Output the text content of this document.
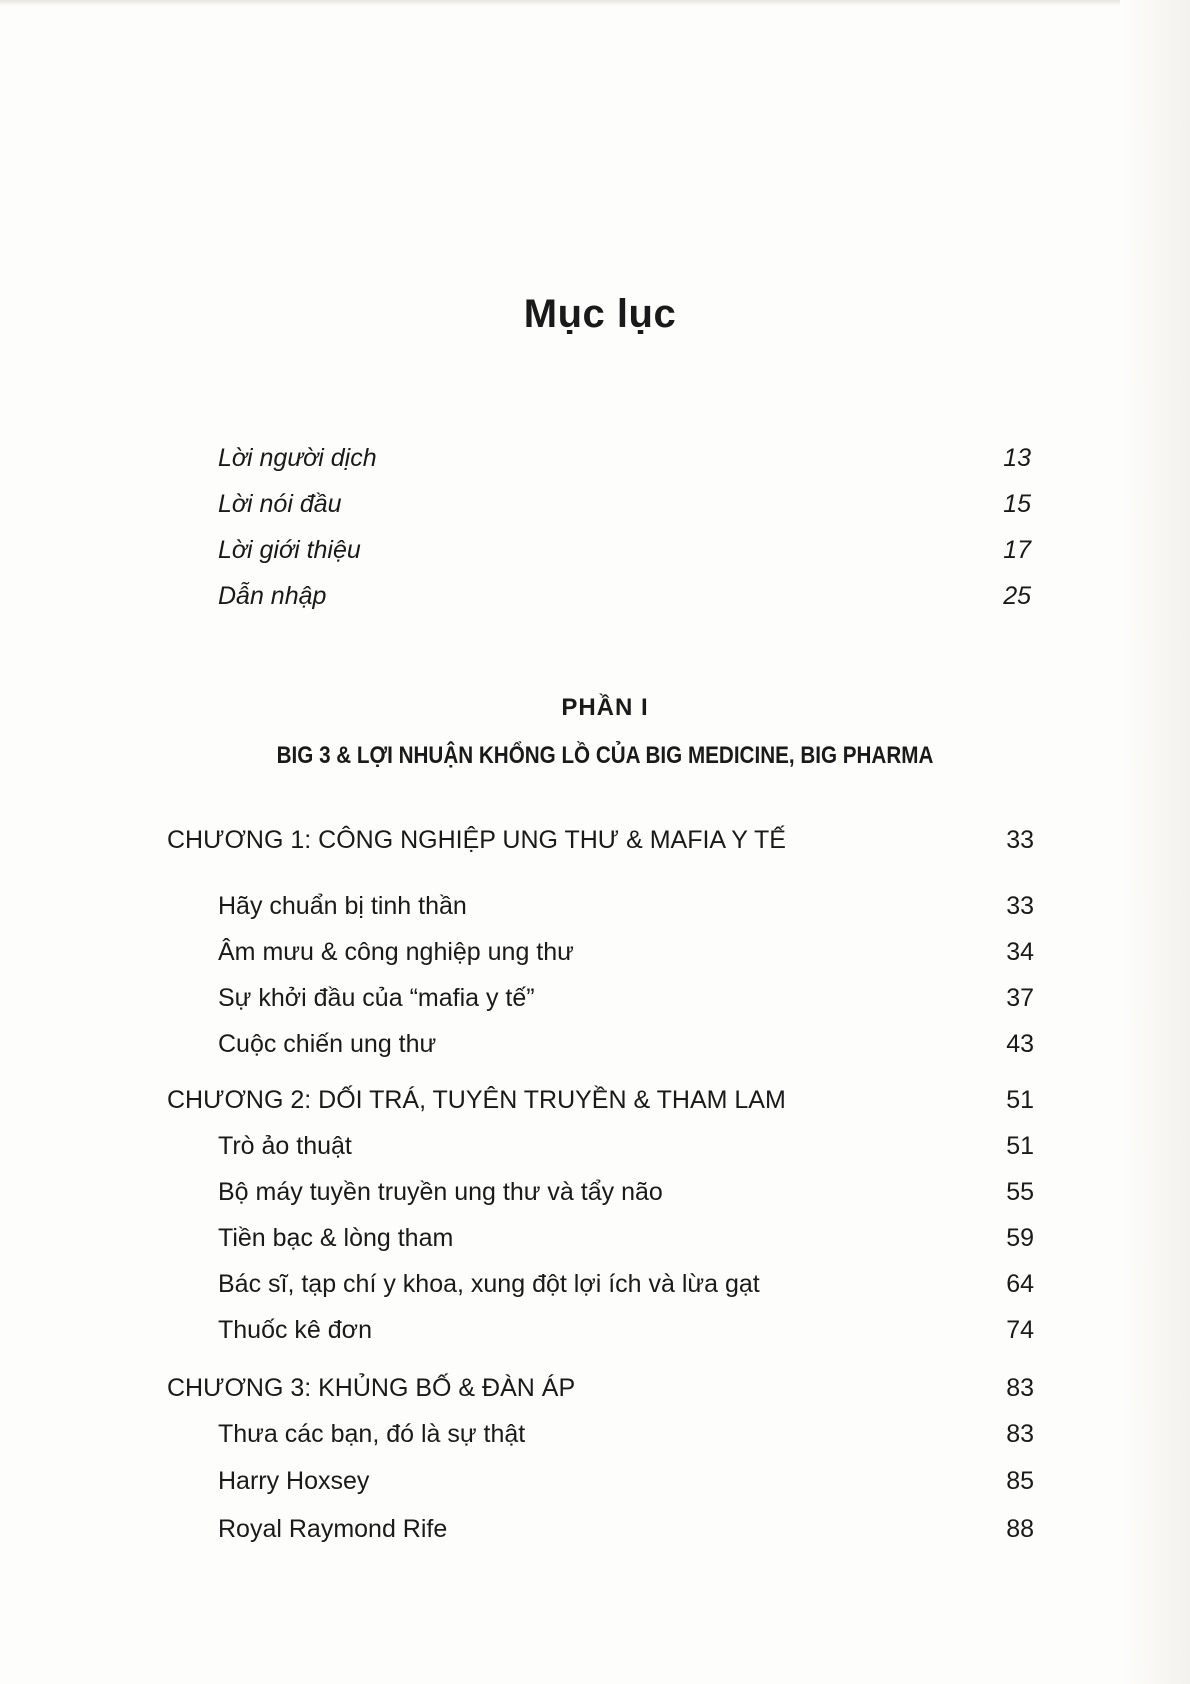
Mục lục
Lời người dịch	13
Lời nói đầu	15
Lời giới thiệu	17
Dẫn nhập	25
PHẦN I
BIG 3 & LỢI NHUẬN KHỔNG LỒ CỦA BIG MEDICINE, BIG PHARMA
CHƯƠNG 1: CÔNG NGHIỆP UNG THƯ & MAFIA Y TẾ	33
Hãy chuẩn bị tinh thần	33
Âm mưu & công nghiệp ung thư	34
Sự khởi đầu của “mafia y tế”	37
Cuộc chiến ung thư	43
CHƯƠNG 2: DỐI TRÁ, TUYÊN TRUYỀN & THAM LAM	51
Trò ảo thuật	51
Bộ máy tuyền truyền ung thư và tẩy não	55
Tiền bạc & lòng tham	59
Bác sĩ, tạp chí y khoa, xung đột lợi ích và lừa gạt	64
Thuốc kê đơn	74
CHƯƠNG 3: KHỦNG BỐ & ĐÀN ÁP	83
Thưa các bạn, đó là sự thật	83
Harry Hoxsey	85
Royal Raymond Rife	88
